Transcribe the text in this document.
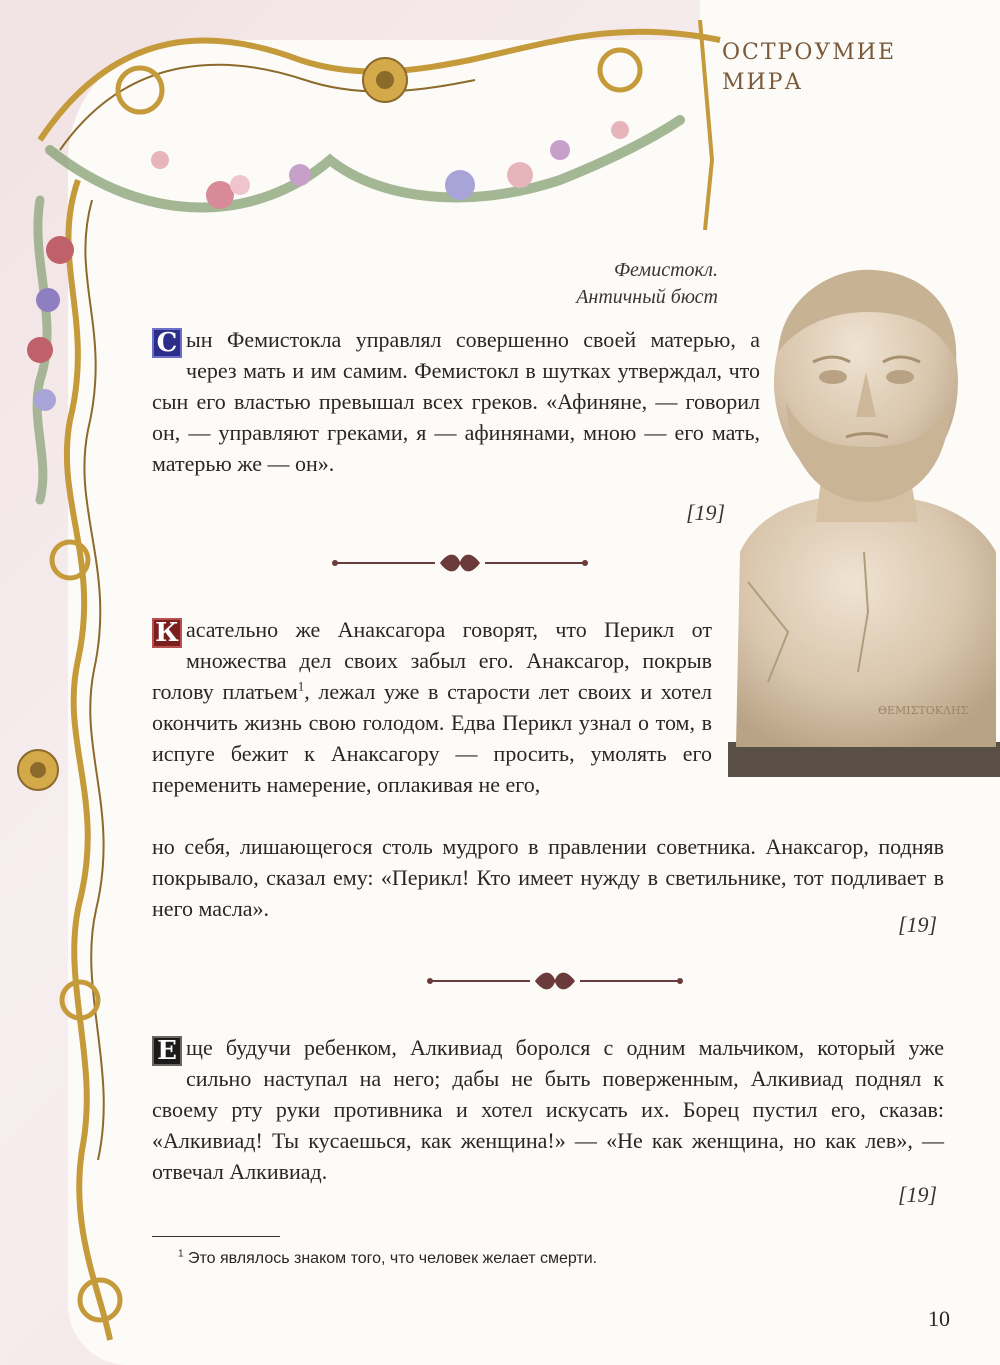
ОСТРОУМИЕ
МИРА
Фемистокл.
Античный бюст
ΘΕΜΙΣΤΟΚΛΗΣ

С ын Фемистокла управлял совершенно своей матерью, а через мать и им самим. Фемистокл в шутках утверждал, что сын его властью превышал всех греков. «Афиняне, — говорил он, — управляют греками, я — афинянами, мною — его мать, матерью же — он».

[19]

К асательно же Анаксагора говорят, что Перикл от множества дел своих забыл его. Анаксагор, покрыв голову платьем$^1$, лежал уже в старости лет своих и хотел окончить жизнь свою голодом. Едва Перикл узнал о том, в испуге бежит к Анаксагору — просить, умолять его переменить намерение, оплакивая не его,

но себя, лишающегося столь мудрого в правлении советника. Анаксагор, подняв покрывало, сказал ему: «Перикл! Кто имеет нужду в светильнике, тот подливает в него масла».

[19]

Е ще будучи ребенком, Алкивиад боролся с одним мальчиком, который уже сильно наступал на него; дабы не быть поверженным, Алкивиад поднял к своему рту руки противника и хотел искусать их. Борец пустил его, сказав: «Алкивиад! Ты кусаешься, как женщина!» — «Не как женщина, но как лев», — отвечал Алкивиад.

[19]
$^1$ Это являлось знаком того, что человек желает смерти.
10
